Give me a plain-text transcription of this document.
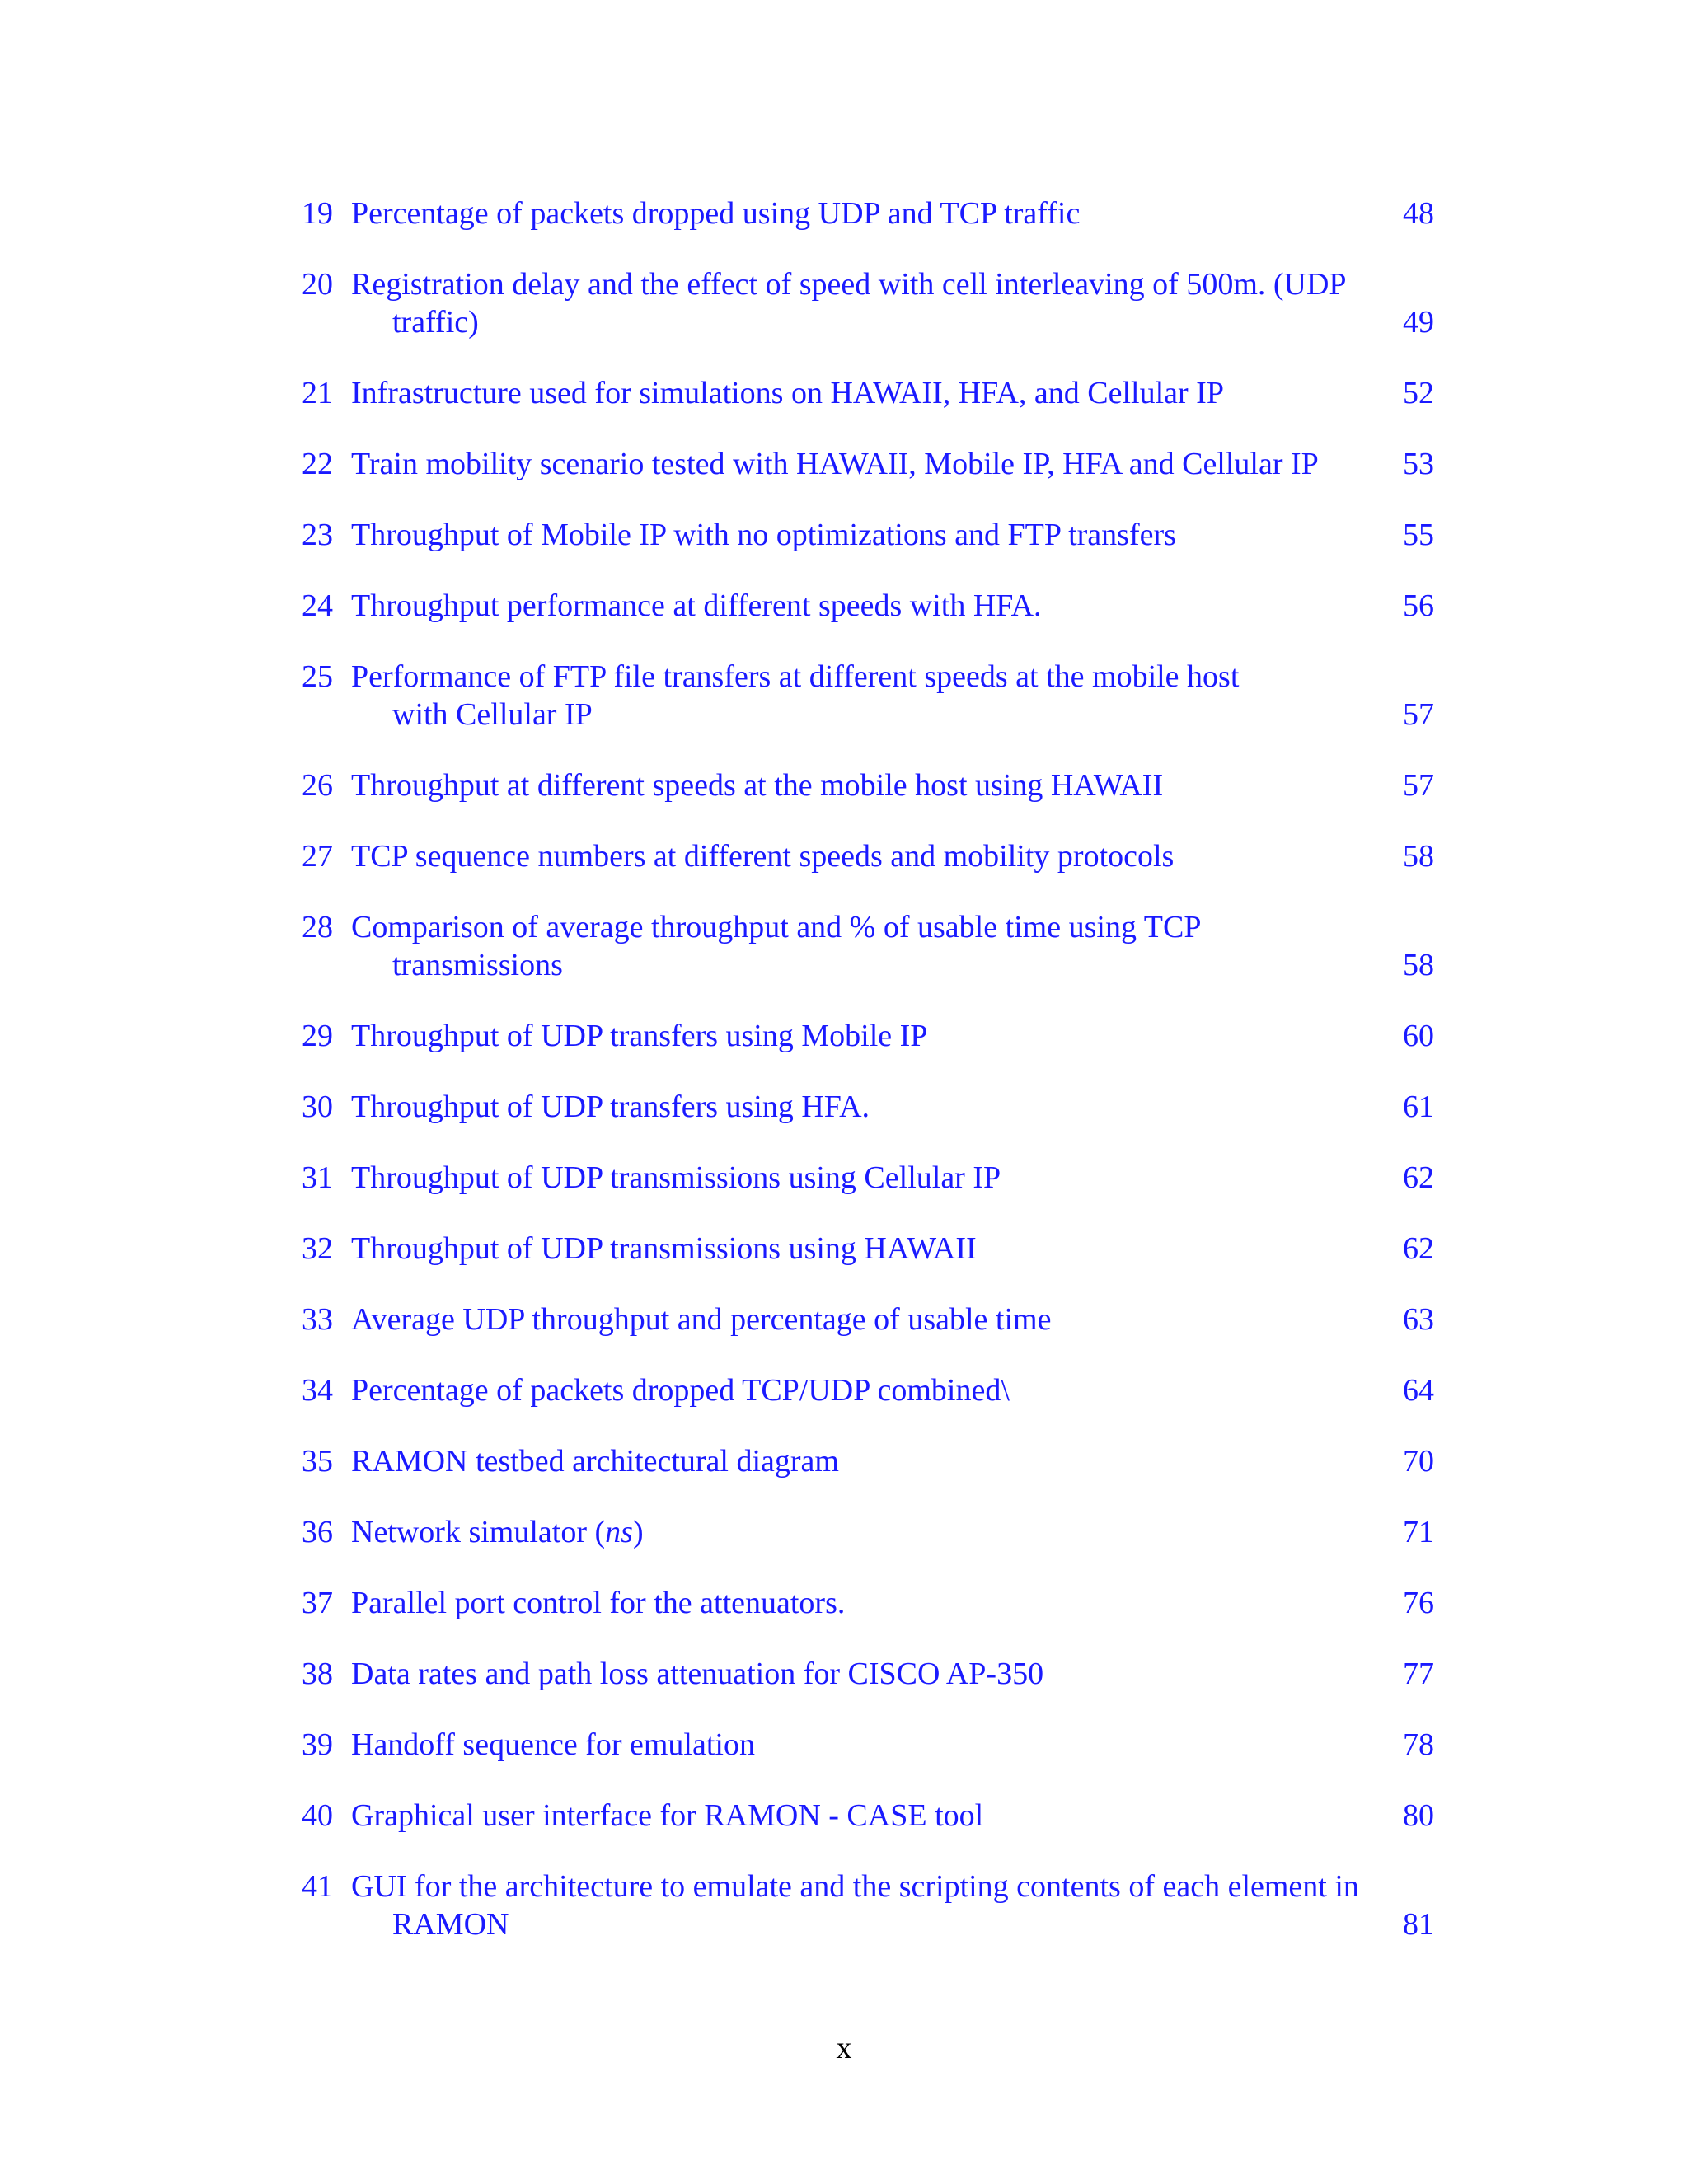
19 Percentage of packets dropped using UDP and TCP traffic	48
20 Registration delay and the effect of speed with cell interleaving of 500m. (UDP
traffic)	49
21 Infrastructure used for simulations on HAWAII, HFA, and Cellular IP	52
22 Train mobility scenario tested with HAWAII, Mobile IP, HFA and Cellular IP	53
23 Throughput of Mobile IP with no optimizations and FTP transfers	55
24 Throughput performance at different speeds with HFA.	56
25 Performance of FTP file transfers at different speeds at the mobile host
with Cellular IP	57
26 Throughput at different speeds at the mobile host using HAWAII	57
27 TCP sequence numbers at different speeds and mobility protocols	58
28 Comparison of average throughput and % of usable time using TCP
transmissions	58
29 Throughput of UDP transfers using Mobile IP	60
30 Throughput of UDP transfers using HFA.	61
31 Throughput of UDP transmissions using Cellular IP	62
32 Throughput of UDP transmissions using HAWAII	62
33 Average UDP throughput and percentage of usable time	63
34 Percentage of packets dropped TCP/UDP combined\	64
35 RAMON testbed architectural diagram	70
36 Network simulator (ns)	71
37 Parallel port control for the attenuators.	76
38 Data rates and path loss attenuation for CISCO AP-350	77
39 Handoff sequence for emulation	78
40 Graphical user interface for RAMON - CASE tool	80
41 GUI for the architecture to emulate and the scripting contents of each element in
RAMON	81
x
